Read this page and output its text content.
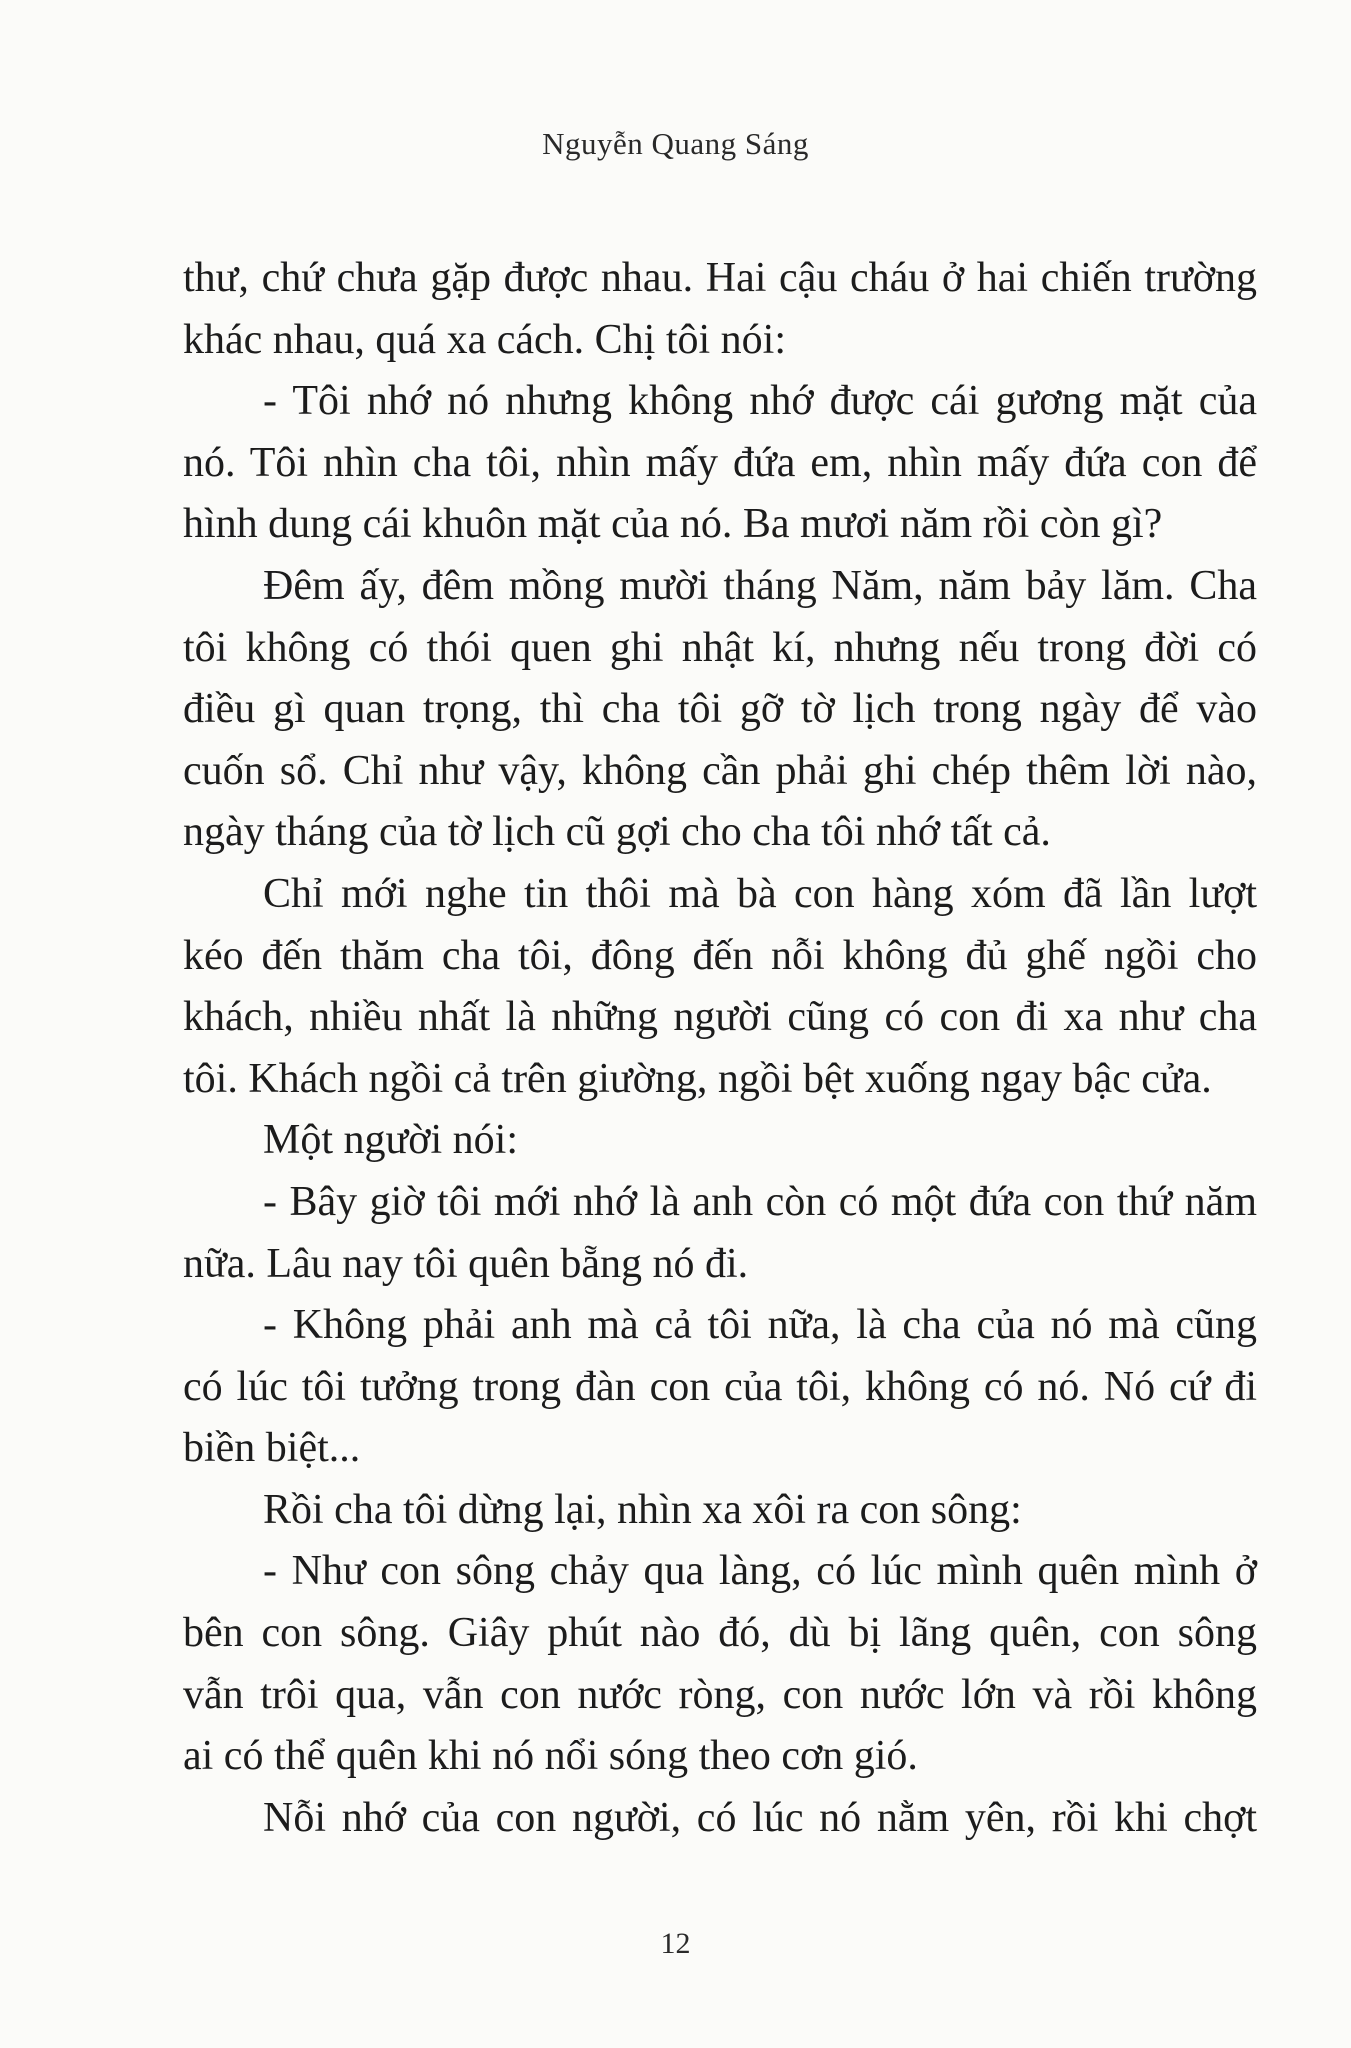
Nguyễn Quang Sáng
thư, chứ chưa gặp được nhau. Hai cậu cháu ở hai chiến trường
khác nhau, quá xa cách. Chị tôi nói:
- Tôi nhớ nó nhưng không nhớ được cái gương mặt của
nó. Tôi nhìn cha tôi, nhìn mấy đứa em, nhìn mấy đứa con để
hình dung cái khuôn mặt của nó. Ba mươi năm rồi còn gì?
Đêm ấy, đêm mồng mười tháng Năm, năm bảy lăm. Cha
tôi không có thói quen ghi nhật kí, nhưng nếu trong đời có
điều gì quan trọng, thì cha tôi gỡ tờ lịch trong ngày để vào
cuốn sổ. Chỉ như vậy, không cần phải ghi chép thêm lời nào,
ngày tháng của tờ lịch cũ gợi cho cha tôi nhớ tất cả.
Chỉ mới nghe tin thôi mà bà con hàng xóm đã lần lượt
kéo đến thăm cha tôi, đông đến nỗi không đủ ghế ngồi cho
khách, nhiều nhất là những người cũng có con đi xa như cha
tôi. Khách ngồi cả trên giường, ngồi bệt xuống ngay bậc cửa.
Một người nói:
- Bây giờ tôi mới nhớ là anh còn có một đứa con thứ năm
nữa. Lâu nay tôi quên bẵng nó đi.
- Không phải anh mà cả tôi nữa, là cha của nó mà cũng
có lúc tôi tưởng trong đàn con của tôi, không có nó. Nó cứ đi
biền biệt...
Rồi cha tôi dừng lại, nhìn xa xôi ra con sông:
- Như con sông chảy qua làng, có lúc mình quên mình ở
bên con sông. Giây phút nào đó, dù bị lãng quên, con sông
vẫn trôi qua, vẫn con nước ròng, con nước lớn và rồi không
ai có thể quên khi nó nổi sóng theo cơn gió.
Nỗi nhớ của con người, có lúc nó nằm yên, rồi khi chợt
12
